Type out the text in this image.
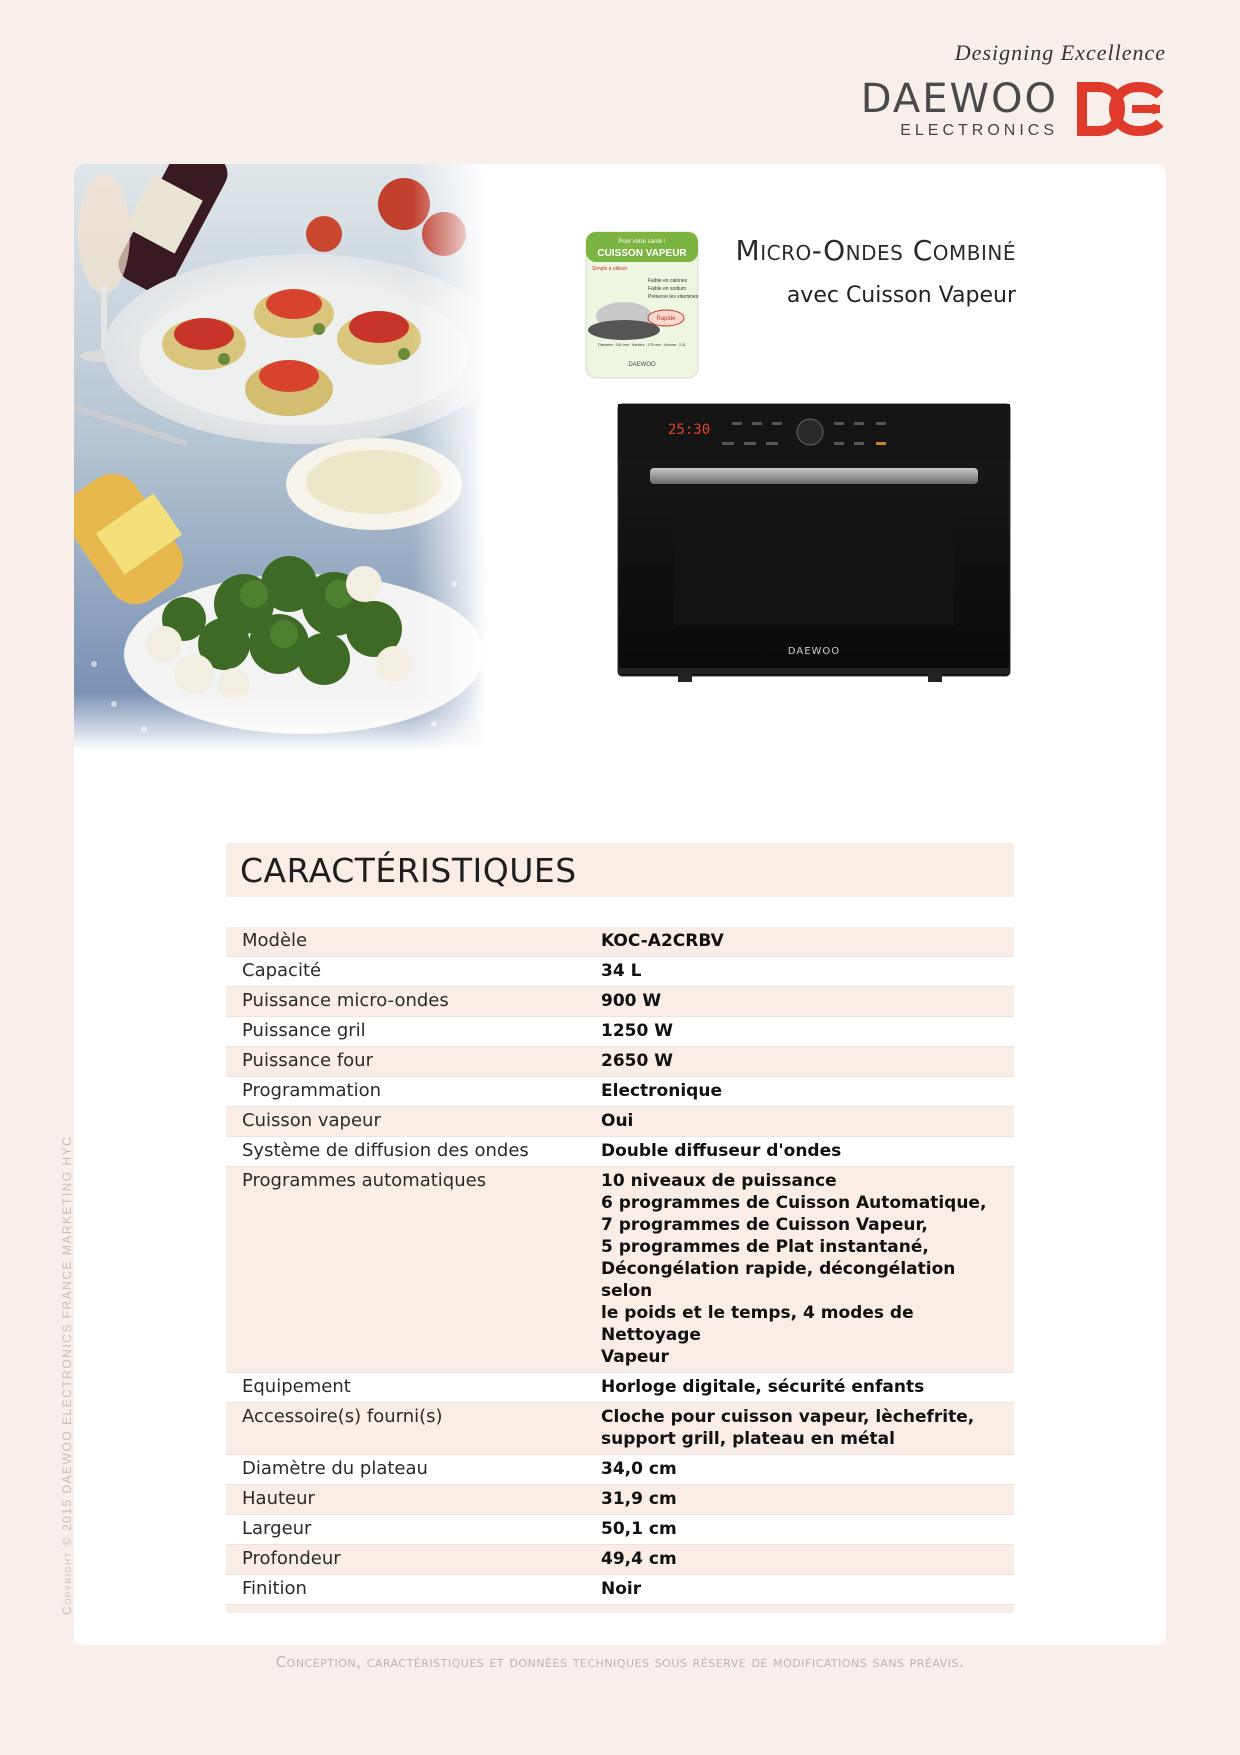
Designing Excellence
DAEWOO
ELECTRONICS
Pour votre santé !
CUISSON VAPEUR
Simple à utiliser
Faible en calories
Faible en sodium
Préserve les vitamines
Rapide
Diamètre : 340 mm · Hauteur : 175 mm · Volume : 3.3L
DAEWOO
Micro-Ondes Combiné
avec Cuisson Vapeur
25:30
DAEWOO
CARACTÉRISTIQUES
Modèle	KOC-A2CRBV
Capacité	34 L
Puissance micro-ondes	900 W
Puissance gril	1250 W
Puissance four	2650 W
Programmation	Electronique
Cuisson vapeur	Oui
Système de diffusion des ondes	Double diffuseur d'ondes
Programmes automatiques	10 niveaux de puissance
6 programmes de Cuisson Automatique,
7 programmes de Cuisson Vapeur,
5 programmes de Plat instantané,
Décongélation rapide, décongélation selon
le poids et le temps, 4 modes de Nettoyage
Vapeur
Equipement	Horloge digitale, sécurité enfants
Accessoire(s) fourni(s)	Cloche pour cuisson vapeur, lèchefrite,
support grill, plateau en métal
Diamètre du plateau	34,0 cm
Hauteur	31,9 cm
Largeur	50,1 cm
Profondeur	49,4 cm
Finition	Noir
Copyright © 2015 DAEWOO ELECTRONICS FRANCE MARKETING HYC
Conception, caractéristiques et données techniques sous réserve de modifications sans préavis.
